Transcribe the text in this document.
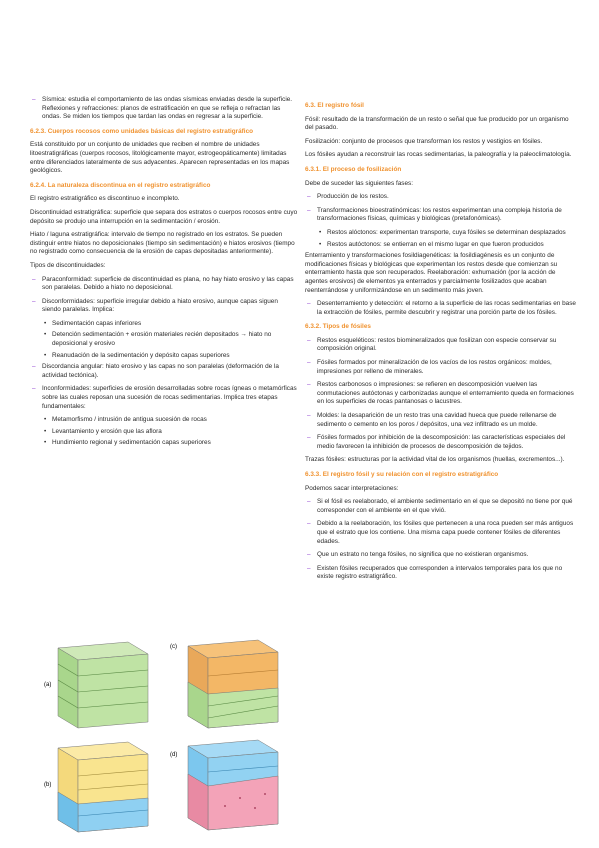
– Sísmica: estudia el comportamiento de las ondas sísmicas enviadas desde la superficie. Reflexiones y refracciones: planos de estratificación en que se refleja o refractan las ondas. Se miden los tiempos que tardan las ondas en regresar a la superficie.
6.2.3. Cuerpos rocosos como unidades básicas del registro estratigráfico

Está constituido por un conjunto de unidades que reciben el nombre de unidades litoestratigráficas (cuerpos rocosos, litológicamente mayor, estrogeopáticamente) limitadas entre diferenciados lateralmente de sus adyacentes. Aparecen representadas en los mapas geológicos.

6.2.4. La naturaleza discontinua en el registro estratigráfico

El registro estratigráfico es discontinuo e incompleto.

Discontinuidad estratigráfica: superficie que separa dos estratos o cuerpos rocosos entre cuyo depósito se produjo una interrupción en la sedimentación / erosión.

Hiato / laguna estratigráfica: intervalo de tiempo no registrado en los estratos. Se pueden distinguir entre hiatos no deposicionales (tiempo sin sedimentación) e hiatos erosivos (tiempo no registrado como consecuencia de la erosión de capas depositadas anteriormente).

Tipos de discontinuidades:

– Paraconformidad: superficie de discontinuidad es plana, no hay hiato erosivo y las capas son paralelas. Debido a hiato no deposicional.
– Disconformidades: superficie irregular debido a hiato erosivo, aunque capas siguen siendo paralelas. Implica:
• Sedimentación capas inferiores
• Detención sedimentación + erosión materiales recién depositados → hiato no deposicional y erosivo
• Reanudación de la sedimentación y depósito capas superiores
– Discordancia angular: hiato erosivo y las capas no son paralelas (deformación de la actividad tectónica).
– Inconformidades: superficies de erosión desarrolladas sobre rocas ígneas o metamórficas sobre las cuales reposan una sucesión de rocas sedimentarias. Implica tres etapas fundamentales:
• Metamorfismo / intrusión de antigua sucesión de rocas
• Levantamiento y erosión que las aflora
• Hundimiento regional y sedimentación capas superiores
(a)
(c)
(b)
(d)
6.3. El registro fósil

Fósil: resultado de la transformación de un resto o señal que fue producido por un organismo del pasado.

Fosilización: conjunto de procesos que transforman los restos y vestigios en fósiles.

Los fósiles ayudan a reconstruir las rocas sedimentarias, la paleografía y la paleoclimatología.

6.3.1. El proceso de fosilización

Debe de suceder las siguientes fases:

– Producción de los restos.
– Transformaciones bioestratinómicas: los restos experimentan una compleja historia de transformaciones físicas, químicas y biológicas (pretafonómicas).
• Restos alóctonos: experimentan transporte, cuya fósiles se determinan desplazados
• Restos autóctonos: se entierran en el mismo lugar en que fueron producidos

Enterramiento y transformaciones fosildiagenéticas: la fosildiagénesis es un conjunto de modificaciones físicas y biológicas que experimentan los restos desde que comienzan su enterramiento hasta que son recuperados. Reelaboración: exhumación (por la acción de agentes erosivos) de elementos ya enterrados y parcialmente fosilizados que acaban reenterrándose y uniformizándose en un sedimento más joven.

– Desenterramiento y detección: el retorno a la superficie de las rocas sedimentarias en base la extracción de fósiles, permite descubrir y registrar una porción parte de los fósiles.
6.3.2. Tipos de fósiles
– Restos esqueléticos: restos biomineralizados que fosilizan con especie conservar su composición original.
– Fósiles formados por mineralización de los vacíos de los restos orgánicos: moldes, impresiones por relleno de minerales.
– Restos carbonosos o impresiones: se refieren en descomposición vuelven las conmutaciones autóctonas y carbonizadas aunque el enterramiento queda en formaciones en los superficies de rocas pantanosas o lacustres.
– Moldes: la desaparición de un resto tras una cavidad hueca que puede rellenarse de sedimento o cemento en los poros / depósitos, una vez infiltrado es un molde.
– Fósiles formados por inhibición de la descomposición: las características especiales del medio favorecen la inhibición de procesos de descomposición de tejidos.

Trazas fósiles: estructuras por la actividad vital de los organismos (huellas, excrementos...).

6.3.3. El registro fósil y su relación con el registro estratigráfico

Podemos sacar interpretaciones:

– Si el fósil es reelaborado, el ambiente sedimentario en el que se depositó no tiene por qué corresponder con el ambiente en el que vivió.
– Debido a la reelaboración, los fósiles que pertenecen a una roca pueden ser más antiguos que el estrato que los contiene. Una misma capa puede contener fósiles de diferentes edades.
– Que un estrato no tenga fósiles, no significa que no existieran organismos.
– Existen fósiles recuperados que corresponden a intervalos temporales para los que no existe registro estratigráfico.
